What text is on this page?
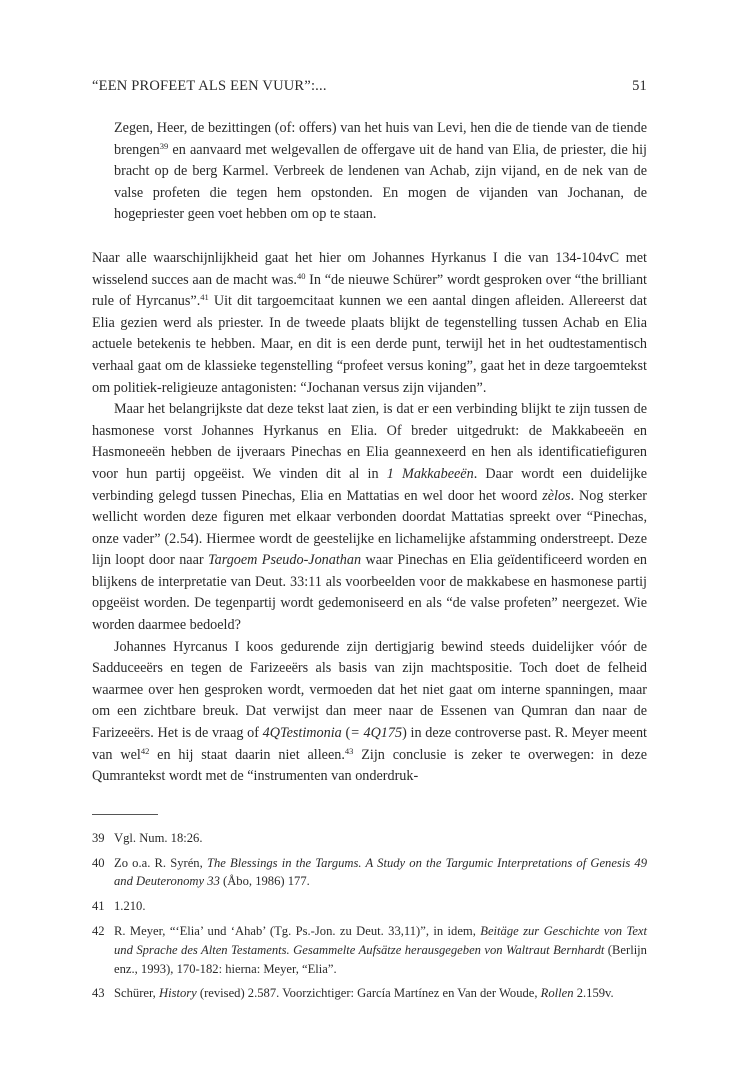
“EEN PROFEET ALS EEN VUUR”:...	51

Zegen, Heer, de bezittingen (of: offers) van het huis van Levi, hen die de tiende van de tiende brengen$^{39}$ en aanvaard met welgevallen de offergave uit de hand van Elia, de priester, die hij bracht op de berg Karmel. Verbreek de lendenen van Achab, zijn vijand, en de nek van de valse profeten die tegen hem opstonden. En mogen de vijanden van Jochanan, de hogepriester geen voet hebben om op te staan.

Naar alle waarschijnlijkheid gaat het hier om Johannes Hyrkanus I die van 134-104vC met wisselend succes aan de macht was.$^{40}$ In “de nieuwe Schürer” wordt gesproken over “the brilliant rule of Hyrcanus”.$^{41}$ Uit dit targoemcitaat kunnen we een aantal dingen afleiden. Allereerst dat Elia gezien werd als priester. In de tweede plaats blijkt de tegenstelling tussen Achab en Elia actuele betekenis te hebben. Maar, en dit is een derde punt, terwijl het in het oudtestamentisch verhaal gaat om de klassieke tegenstelling “profeet versus koning”, gaat het in deze targoemtekst om politiek-religieuze antagonisten: “Jochanan versus zijn vijanden”.

Maar het belangrijkste dat deze tekst laat zien, is dat er een verbinding blijkt te zijn tussen de hasmonese vorst Johannes Hyrkanus en Elia. Of breder uitgedrukt: de Makkabeeën en Hasmoneeën hebben de ijveraars Pinechas en Elia geannexeerd en hen als identificatiefiguren voor hun partij opgeëist. We vinden dit al in 1 Makkabeeën. Daar wordt een duidelijke verbinding gelegd tussen Pinechas, Elia en Mattatias en wel door het woord zèlos. Nog sterker wellicht worden deze figuren met elkaar verbonden doordat Mattatias spreekt over “Pinechas, onze vader” (2.54). Hiermee wordt de geestelijke en lichamelijke afstamming onderstreept. Deze lijn loopt door naar Targoem Pseudo-Jonathan waar Pinechas en Elia geïdentificeerd worden en blijkens de interpretatie van Deut. 33:11 als voorbeelden voor de makkabese en hasmonese partij opgeëist worden. De tegenpartij wordt gedemoniseerd en als “de valse profeten” neergezet. Wie worden daarmee bedoeld?

Johannes Hyrcanus I koos gedurende zijn dertigjarig bewind steeds duidelijker vóór de Sadduceeërs en tegen de Farizeeërs als basis van zijn machtspositie. Toch doet de felheid waarmee over hen gesproken wordt, vermoeden dat het niet gaat om interne spanningen, maar om een zichtbare breuk. Dat verwijst dan meer naar de Essenen van Qumran dan naar de Farizeeërs. Het is de vraag of 4QTestimonia (= 4Q175) in deze controverse past. R. Meyer meent van wel$^{42}$ en hij staat daarin niet alleen.$^{43}$ Zijn conclusie is zeker te overwegen: in deze Qumrantekst wordt met de “instrumenten van onderdruk-

39 Vgl. Num. 18:26.
40 Zo o.a. R. Syrén, The Blessings in the Targums. A Study on the Targumic Interpretations of Genesis 49 and Deuteronomy 33 (Åbo, 1986) 177.
41 1.210.
42 R. Meyer, “‘Elia’ und ‘Ahab’ (Tg. Ps.-Jon. zu Deut. 33,11)”, in idem, Beitäge zur Geschichte von Text und Sprache des Alten Testaments. Gesammelte Aufsätze herausgegeben von Waltraut Bernhardt (Berlijn enz., 1993), 170-182: hierna: Meyer, “Elia”.
43 Schürer, History (revised) 2.587. Voorzichtiger: García Martínez en Van der Woude, Rollen 2.159v.
